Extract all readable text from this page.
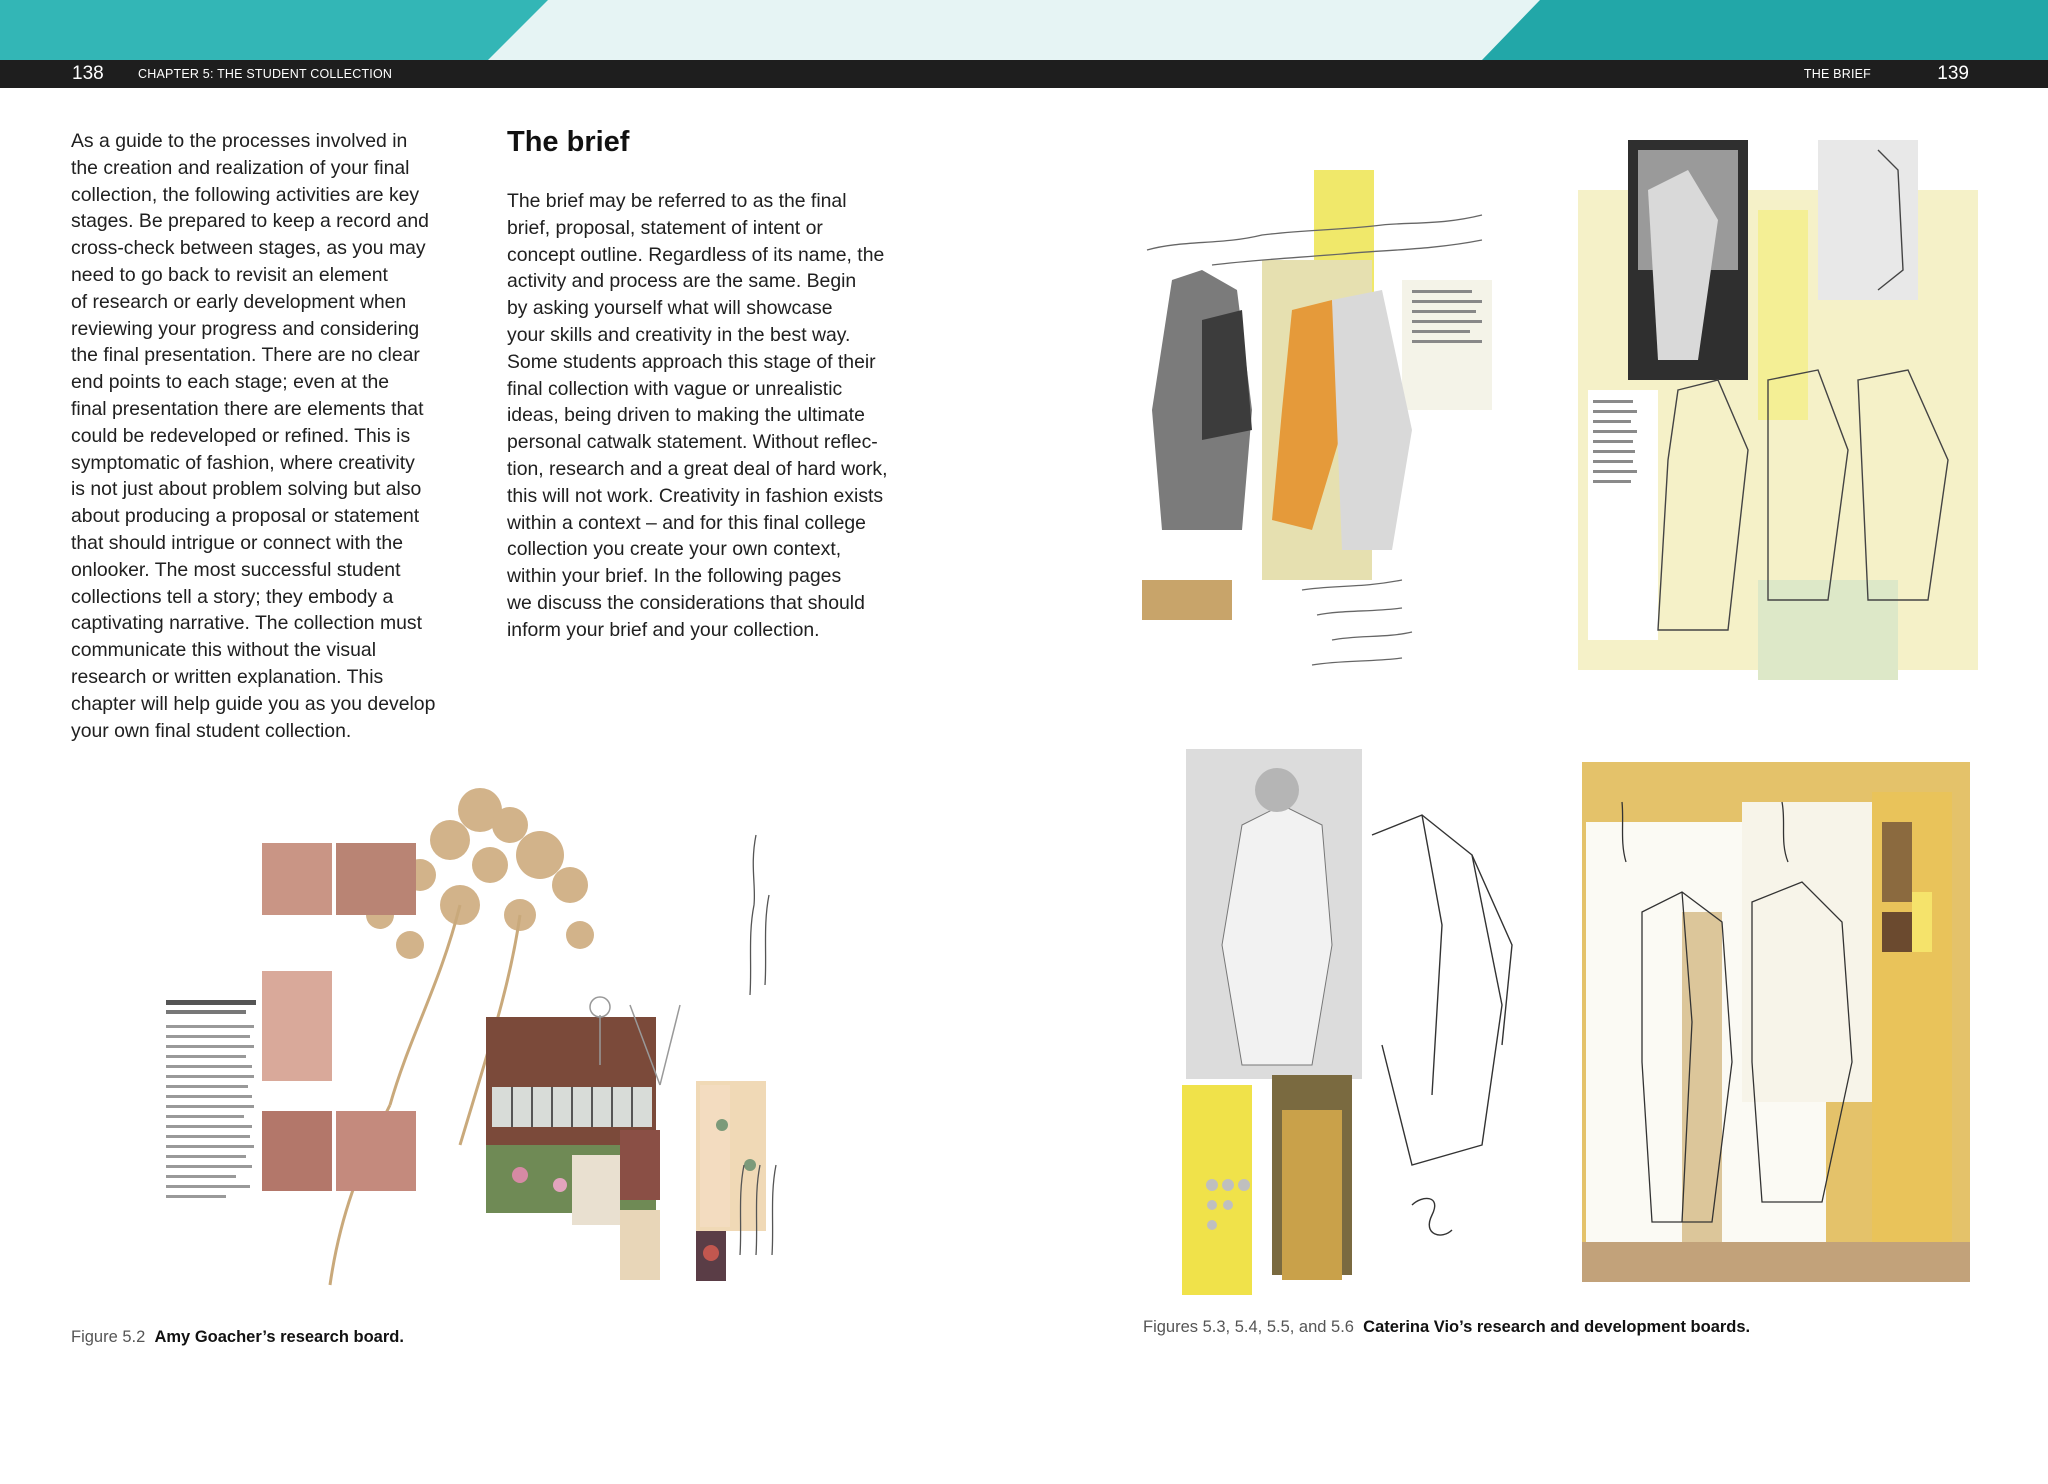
138	CHAPTER 5: THE STUDENT COLLECTION	THE BRIEF	139

As a guide to the processes involved in
the creation and realization of your final
collection, the following activities are key
stages. Be prepared to keep a record and
cross-check between stages, as you may
need to go back to revisit an element
of research or early development when
reviewing your progress and considering
the final presentation. There are no clear
end points to each stage; even at the
final presentation there are elements that
could be redeveloped or refined. This is
symptomatic of fashion, where creativity
is not just about problem solving but also
about producing a proposal or statement
that should intrigue or connect with the
onlooker. The most successful student
collections tell a story; they embody a
captivating narrative. The collection must
communicate this without the visual
research or written explanation. This
chapter will help guide you as you develop
your own final student collection.

The brief

The brief may be referred to as the final
brief, proposal, statement of intent or
concept outline. Regardless of its name, the
activity and process are the same. Begin
by asking yourself what will showcase
your skills and creativity in the best way.
Some students approach this stage of their
final collection with vague or unrealistic
ideas, being driven to making the ultimate
personal catwalk statement. Without reflec-
tion, research and a great deal of hard work,
this will not work. Creativity in fashion exists
within a context – and for this final college
collection you create your own context,
within your brief. In the following pages
we discuss the considerations that should
inform your brief and your collection.

Figure 5.2 Amy Goacher’s research board.
Figures 5.3, 5.4, 5.5, and 5.6 Caterina Vio’s research and development boards.
